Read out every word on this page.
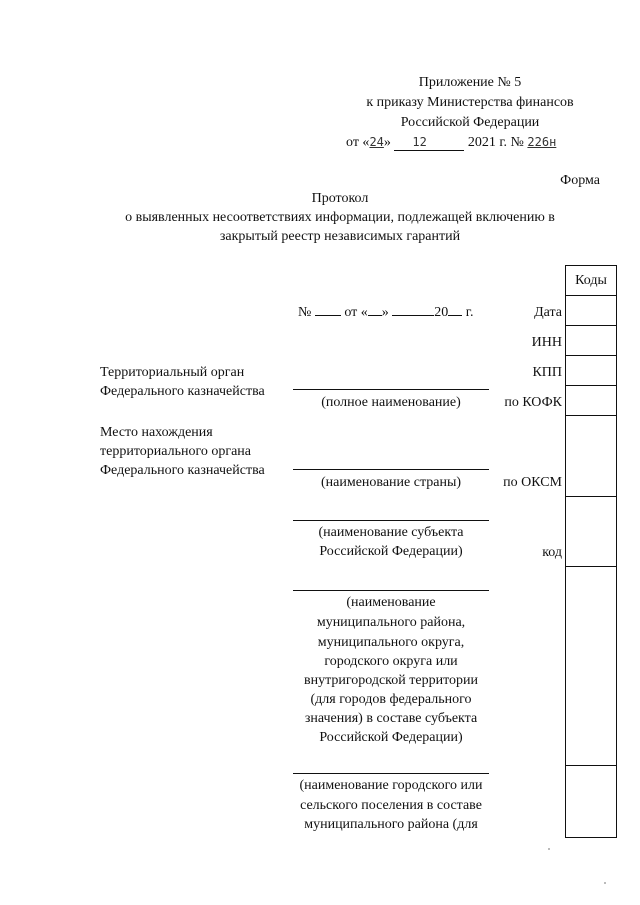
Приложение № 5
к приказу Министерства финансов
Российской Федерации
от «24» 12	2021 г. № 226н
Форма
Протокол
о выявленных несоответствиях информации, подлежащей включению в
закрытый реестр независимых гарантий
№ от « »	20 г.
Коды
Дата
ИНН
КПП
по КОФК
по ОКСМ
код
Территориальный орган
Федерального казначейства
Место нахождения
территориального органа
Федерального казначейства
(полное наименование)
(наименование страны)
(наименование субъекта
Российской Федерации)
(наименование
муниципального района,
муниципального округа,
городского округа или
внутригородской территории
(для городов федерального
значения) в составе субъекта
Российской Федерации)
(наименование городского или
сельского поселения в составе
муниципального района (для
